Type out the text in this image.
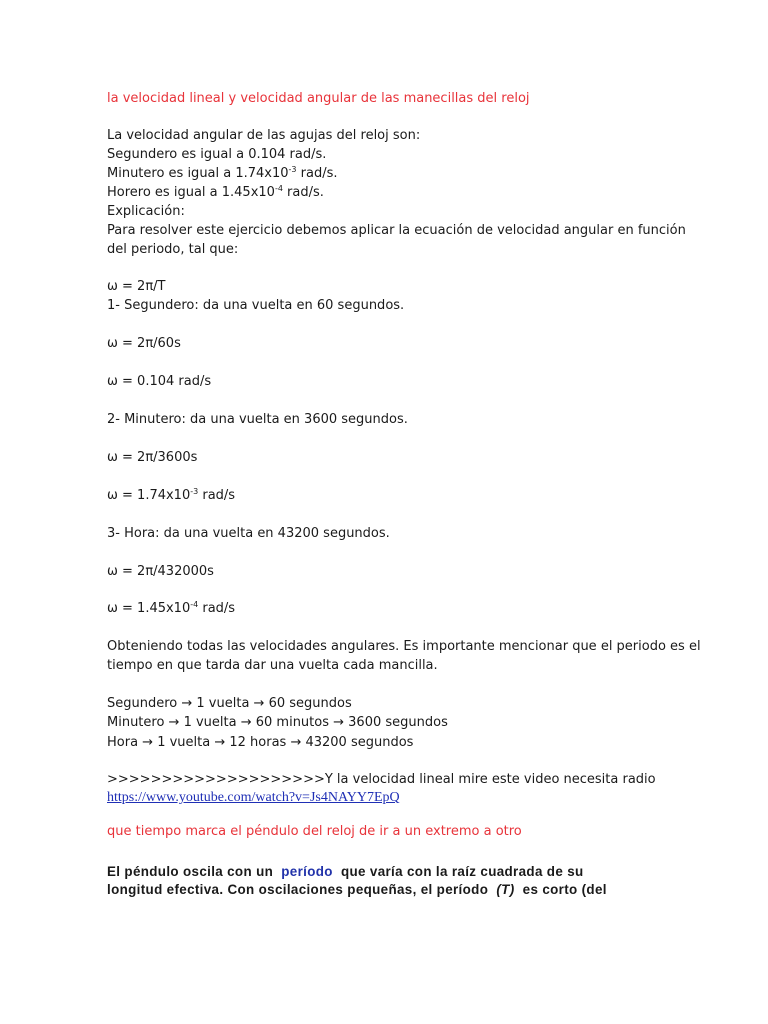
la velocidad lineal y velocidad angular de las manecillas del reloj
La velocidad angular de las agujas del reloj son:
Segundero es igual a 0.104 rad/s.
Minutero es igual a $1.74x10^{-3}$ rad/s.
Horero es igual a $1.45x10^{-4}$ rad/s.
Explicación:
Para resolver este ejercicio debemos aplicar la ecuación de velocidad angular en función
del periodo, tal que:
ω = 2π/T
1- Segundero: da una vuelta en 60 segundos.
ω = 2π/60s
ω = 0.104 rad/s
2- Minutero: da una vuelta en 3600 segundos.
ω = 2π/3600s
$\omega = 1.74x10^{-3}$ rad/s
3- Hora: da una vuelta en 43200 segundos.
ω = 2π/432000s
$\omega = 1.45x10^{-4}$ rad/s
Obteniendo todas las velocidades angulares. Es importante mencionar que el periodo es el
tiempo en que tarda dar una vuelta cada mancilla.
Segundero → 1 vuelta → 60 segundos
Minutero → 1 vuelta → 60 minutos → 3600 segundos
Hora → 1 vuelta → 12 horas → 43200 segundos
>>>>>>>>>>>>>>>>>>>>Y la velocidad lineal mire este video necesita radio
https://www.youtube.com/watch?v=Js4NAYY7EpQ
que tiempo marca el péndulo del reloj de ir a un extremo a otro
El péndulo oscila con un  período  que varía con la raíz cuadrada de su
longitud efectiva. Con oscilaciones pequeñas, el período  (T)  es corto (del
